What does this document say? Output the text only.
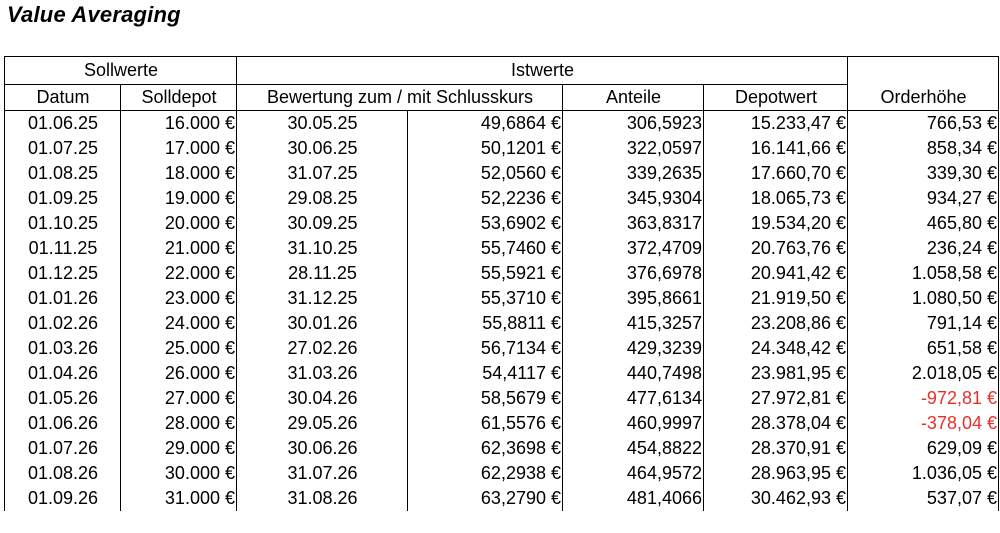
Value Averaging
Sollwerte		Istwerte				Orderhöhe
Datum	Solldepot	Bewertung zum / mit Schlusskurs		Anteile	Depotwert	
01.06.25	16.000 €	30.05.25	49,6864 €	306,5923	15.233,47 €	766,53 €
01.07.25	17.000 €	30.06.25	50,1201 €	322,0597	16.141,66 €	858,34 €
01.08.25	18.000 €	31.07.25	52,0560 €	339,2635	17.660,70 €	339,30 €
01.09.25	19.000 €	29.08.25	52,2236 €	345,9304	18.065,73 €	934,27 €
01.10.25	20.000 €	30.09.25	53,6902 €	363,8317	19.534,20 €	465,80 €
01.11.25	21.000 €	31.10.25	55,7460 €	372,4709	20.763,76 €	236,24 €
01.12.25	22.000 €	28.11.25	55,5921 €	376,6978	20.941,42 €	1.058,58 €
01.01.26	23.000 €	31.12.25	55,3710 €	395,8661	21.919,50 €	1.080,50 €
01.02.26	24.000 €	30.01.26	55,8811 €	415,3257	23.208,86 €	791,14 €
01.03.26	25.000 €	27.02.26	56,7134 €	429,3239	24.348,42 €	651,58 €
01.04.26	26.000 €	31.03.26	54,4117 €	440,7498	23.981,95 €	2.018,05 €
01.05.26	27.000 €	30.04.26	58,5679 €	477,6134	27.972,81 €	-972,81 €
01.06.26	28.000 €	29.05.26	61,5576 €	460,9997	28.378,04 €	-378,04 €
01.07.26	29.000 €	30.06.26	62,3698 €	454,8822	28.370,91 €	629,09 €
01.08.26	30.000 €	31.07.26	62,2938 €	464,9572	28.963,95 €	1.036,05 €
01.09.26	31.000 €	31.08.26	63,2790 €	481,4066	30.462,93 €	537,07 €
